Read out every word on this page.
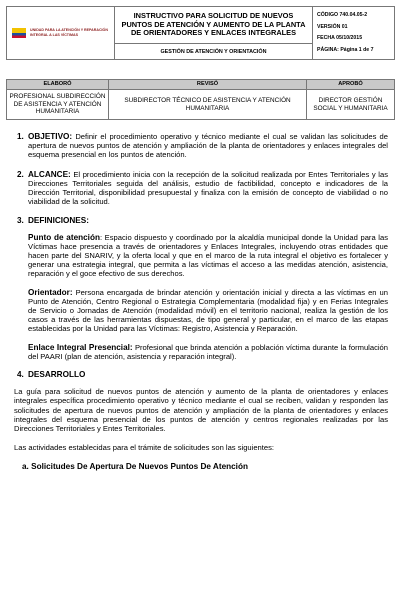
UNIDAD PARA LA ATENCIÓN Y REPARACIÓN INTEGRAL A LAS VÍCTIMAS
	INSTRUCTIVO PARA SOLICITUD DE NUEVOS PUNTOS DE ATENCIÓN Y AUMENTO DE LA PLANTA DE ORIENTADORES Y ENLACES INTEGRALES	
CÓDIGO 740.04.05-2
VERSIÓN 01
FECHA 05/10/2015
PÁGINA: Página 1 de 7

GESTIÓN DE ATENCIÓN Y ORIENTACIÓN
ELABORÓ	REVISÓ	APROBÓ
PROFESIONAL SUBDIRECCIÓN DE ASISTENCIA Y ATENCIÓN HUMANITARIA	SUBDIRECTOR TÉCNICO DE ASISTENCIA Y ATENCIÓN HUMANITARIA	DIRECTOR GESTIÓN SOCIAL Y HUMANITARIA
1. OBJETIVO: Definir el procedimiento operativo y técnico mediante el cual se validan las solicitudes de apertura de nuevos puntos de atención y ampliación de la planta de orientadores y enlaces integrales del esquema presencial en los puntos de atención.
2. ALCANCE: El procedimiento inicia con la recepción de la solicitud realizada por Entes Territoriales y las Direcciones Territoriales seguida del análisis, estudio de factibilidad, concepto e indicadores de la Dirección Territorial, disponibilidad presupuestal y finaliza con la emisión de concepto de viabilidad o no viabilidad de la solicitud.
3. DEFINICIONES:
Punto de atención: Espacio dispuesto y coordinado por la alcaldía municipal donde la Unidad para las Víctimas hace presencia a través de orientadores y Enlaces Integrales, incluyendo otras entidades que hacen parte del SNARIV, y la oferta local y que en el marco de la ruta integral el objetivo es fortalecer y generar una estrategia integral, que permita a las víctimas el acceso a las medidas atención, asistencia, reparación y el goce efectivo de sus derechos.
Orientador: Persona encargada de brindar atención y orientación inicial y directa a las víctimas en un Punto de Atención, Centro Regional o Estrategia Complementaria (modalidad fija) y en Ferias Integrales de Servicio o Jornadas de Atención (modalidad móvil) en el territorio nacional, realiza la gestión de los casos a través de las herramientas dispuestas, de tipo general y particular, en el marco de las etapas establecidas por la Unidad para las Víctimas: Registro, Asistencia y Reparación.
Enlace Integral Presencial: Profesional que brinda atención a población víctima durante la formulación del PAARI (plan de atención, asistencia y reparación integral).
4. DESARROLLO
La guía para solicitud de nuevos puntos de atención y aumento de la planta de orientadores y enlaces integrales específica procedimiento operativo y técnico mediante el cual se reciben, validan y responden las solicitudes de apertura de nuevos puntos de atención y ampliación de la planta de orientadores y enlaces integrales del esquema presencial de los puntos de atención y centros regionales realizadas por las Direcciones Territoriales y Entes Territoriales.
Las actividades establecidas para el trámite de solicitudes son las siguientes:
a. Solicitudes De Apertura De Nuevos Puntos De Atención
